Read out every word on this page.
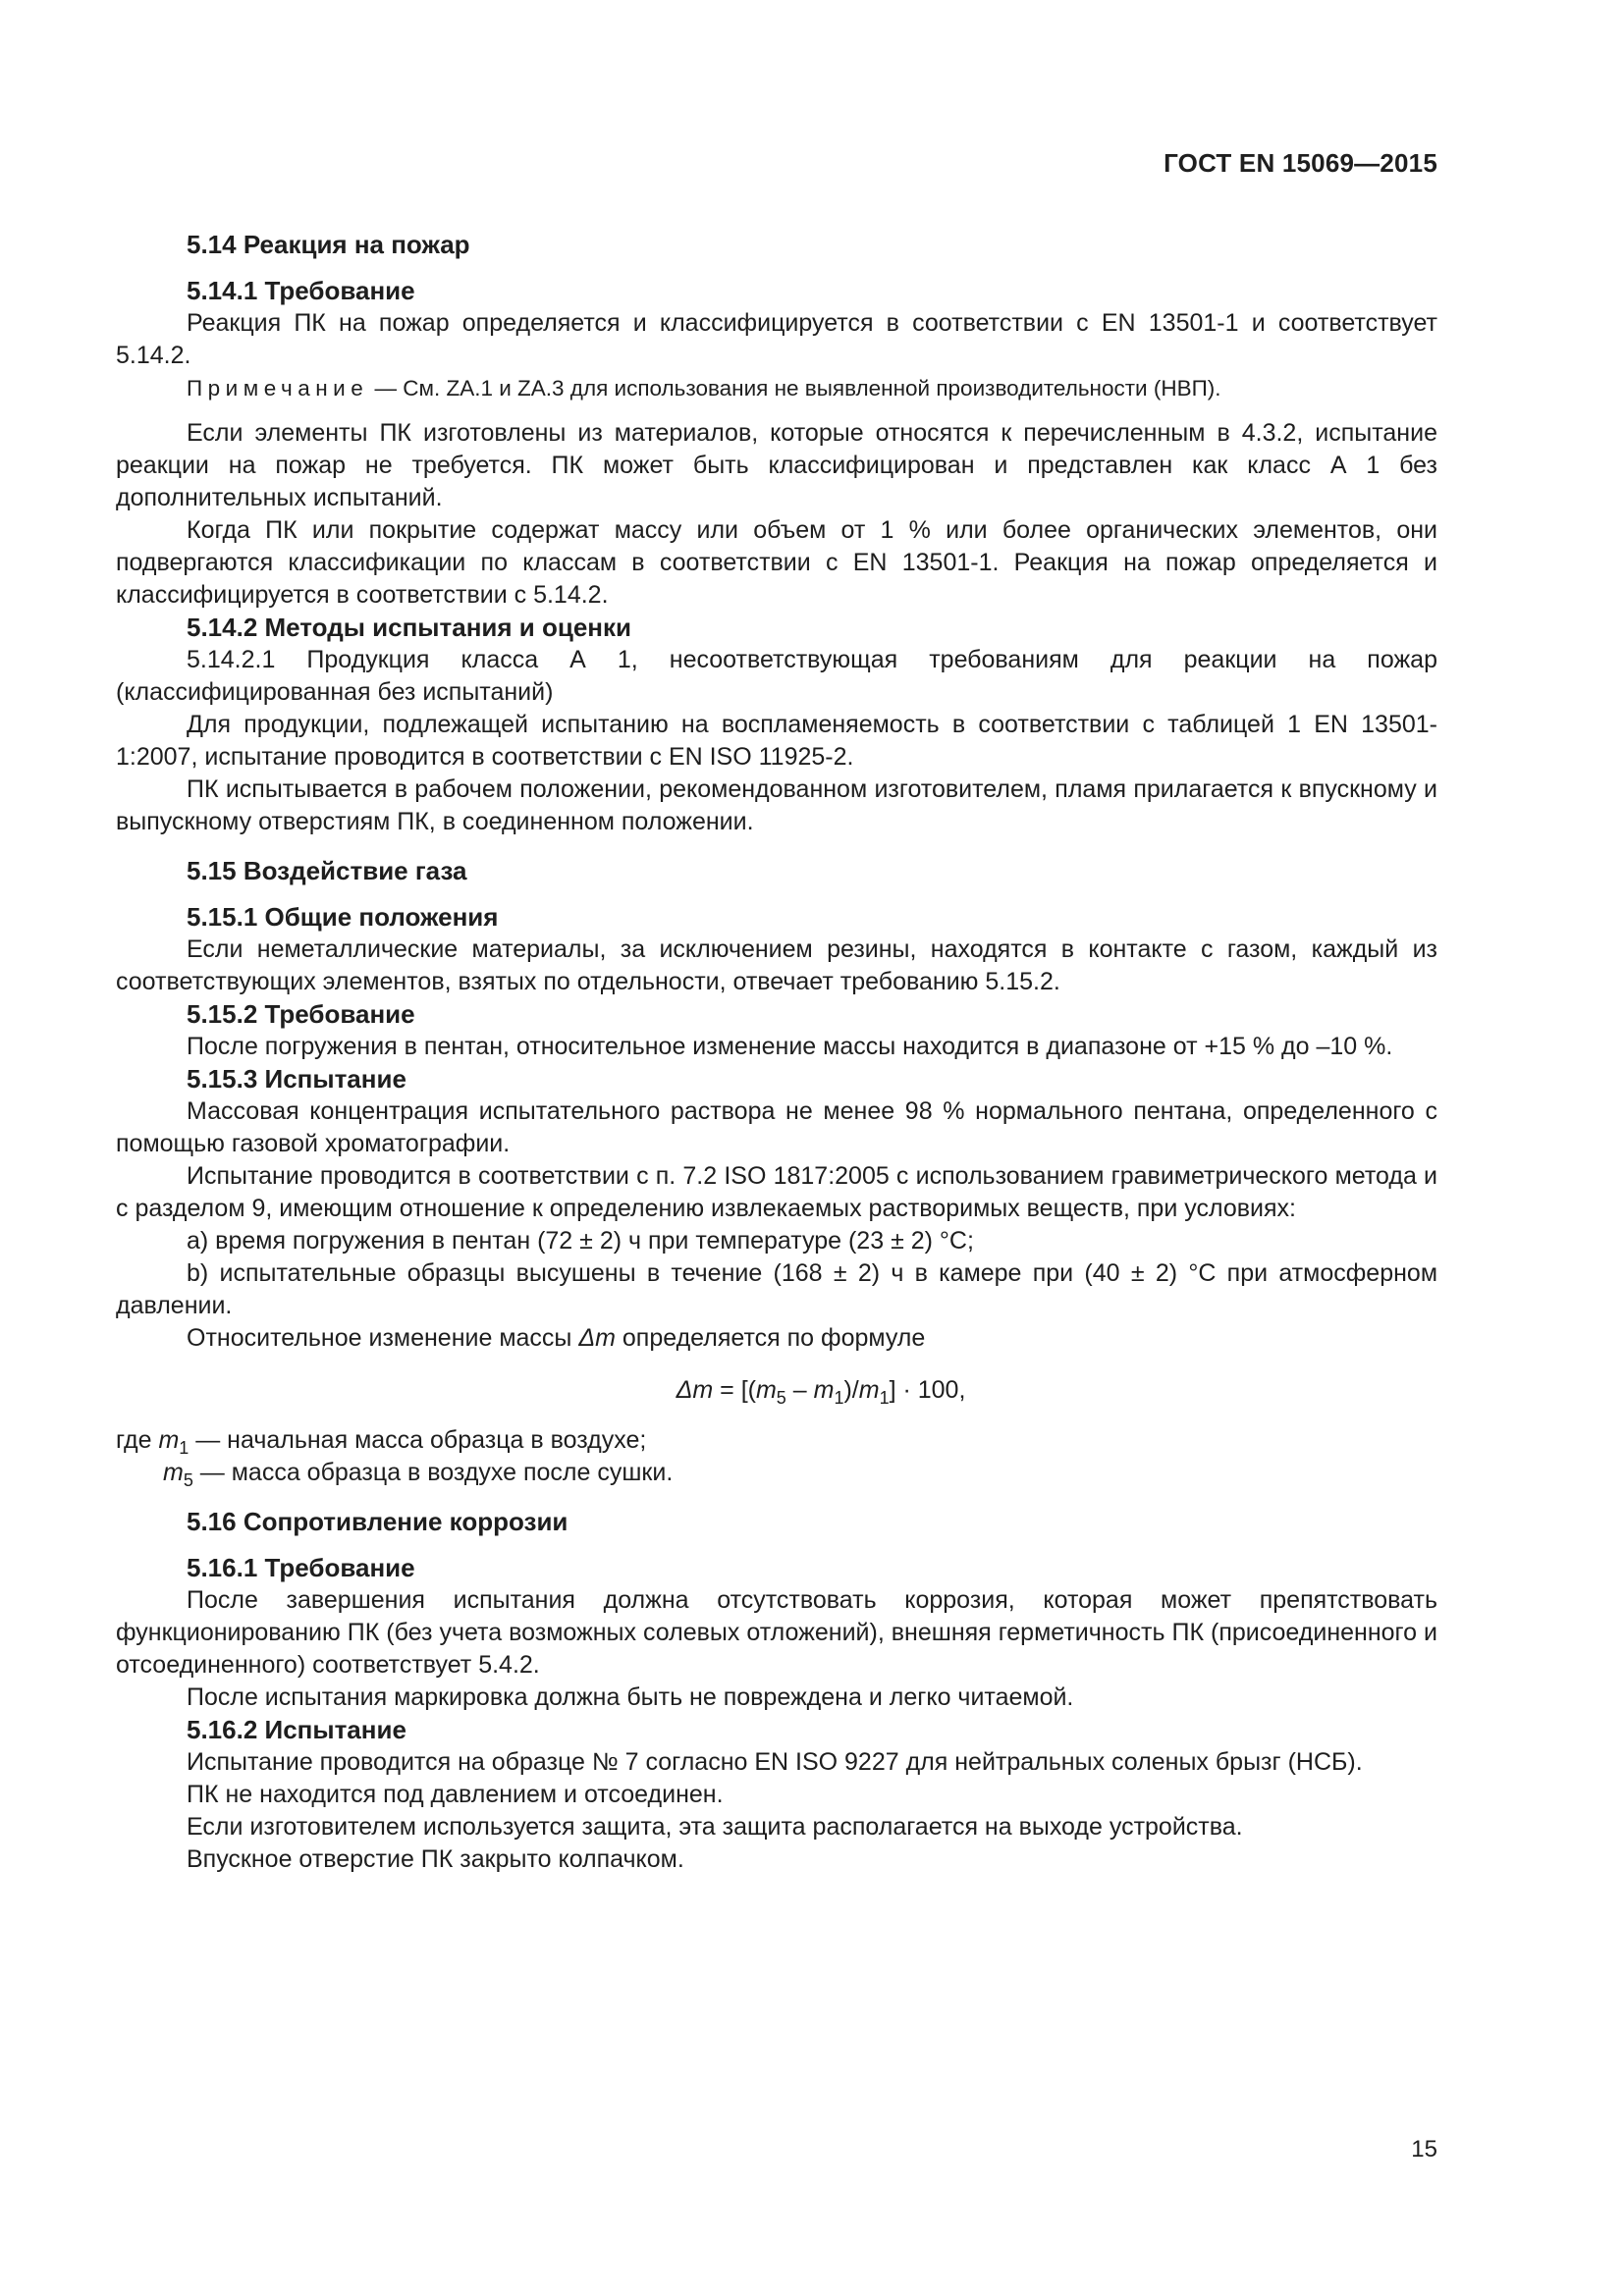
ГОСТ EN 15069—2015
5.14 Реакция на пожар
5.14.1 Требование

Реакция ПК на пожар определяется и классифицируется в соответствии с EN 13501-1 и соответствует 5.14.2.

Примечание — См. ZA.1 и ZA.3 для использования не выявленной производительности (НВП).

Если элементы ПК изготовлены из материалов, которые относятся к перечисленным в 4.3.2, испытание реакции на пожар не требуется. ПК может быть классифицирован и представлен как класс А 1 без дополнительных испытаний.

Когда ПК или покрытие содержат массу или объем от 1 % или более органических элементов, они подвергаются классификации по классам в соответствии с EN 13501-1. Реакция на пожар определяется и классифицируется в соответствии с 5.14.2.

5.14.2 Методы испытания и оценки

5.14.2.1 Продукция класса А 1, несоответствующая требованиям для реакции на пожар (классифицированная без испытаний)

Для продукции, подлежащей испытанию на воспламеняемость в соответствии с таблицей 1 EN 13501-1:2007, испытание проводится в соответствии с EN ISO 11925-2.

ПК испытывается в рабочем положении, рекомендованном изготовителем, пламя прилагается к впускному и выпускному отверстиям ПК, в соединенном положении.

5.15 Воздействие газа
5.15.1 Общие положения

Если неметаллические материалы, за исключением резины, находятся в контакте с газом, каждый из соответствующих элементов, взятых по отдельности, отвечает требованию 5.15.2.

5.15.2 Требование

После погружения в пентан, относительное изменение массы находится в диапазоне от +15 % до –10 %.

5.15.3 Испытание

Массовая концентрация испытательного раствора не менее 98 % нормального пентана, определенного с помощью газовой хроматографии.

Испытание проводится в соответствии с п. 7.2 ISO 1817:2005 с использованием гравиметрического метода и с разделом 9, имеющим отношение к определению извлекаемых растворимых веществ, при условиях:

a) время погружения в пентан (72 ± 2) ч при температуре (23 ± 2) °C;

b) испытательные образцы высушены в течение (168 ± 2) ч в камере при (40 ± 2) °C при атмосферном давлении.

Относительное изменение массы Δm определяется по формуле

$\Delta m = [(m_5 - m_1)/m_1] \cdot 100$,

где $m_1$ — начальная масса образца в воздухе;

$m_5$ — масса образца в воздухе после сушки.

5.16 Сопротивление коррозии
5.16.1 Требование

После завершения испытания должна отсутствовать коррозия, которая может препятствовать функционированию ПК (без учета возможных солевых отложений), внешняя герметичность ПК (присоединенного и отсоединенного) соответствует 5.4.2.

После испытания маркировка должна быть не повреждена и легко читаемой.

5.16.2 Испытание

Испытание проводится на образце № 7 согласно EN ISO 9227 для нейтральных соленых брызг (НСБ).

ПК не находится под давлением и отсоединен.

Если изготовителем используется защита, эта защита располагается на выходе устройства.

Впускное отверстие ПК закрыто колпачком.

15
